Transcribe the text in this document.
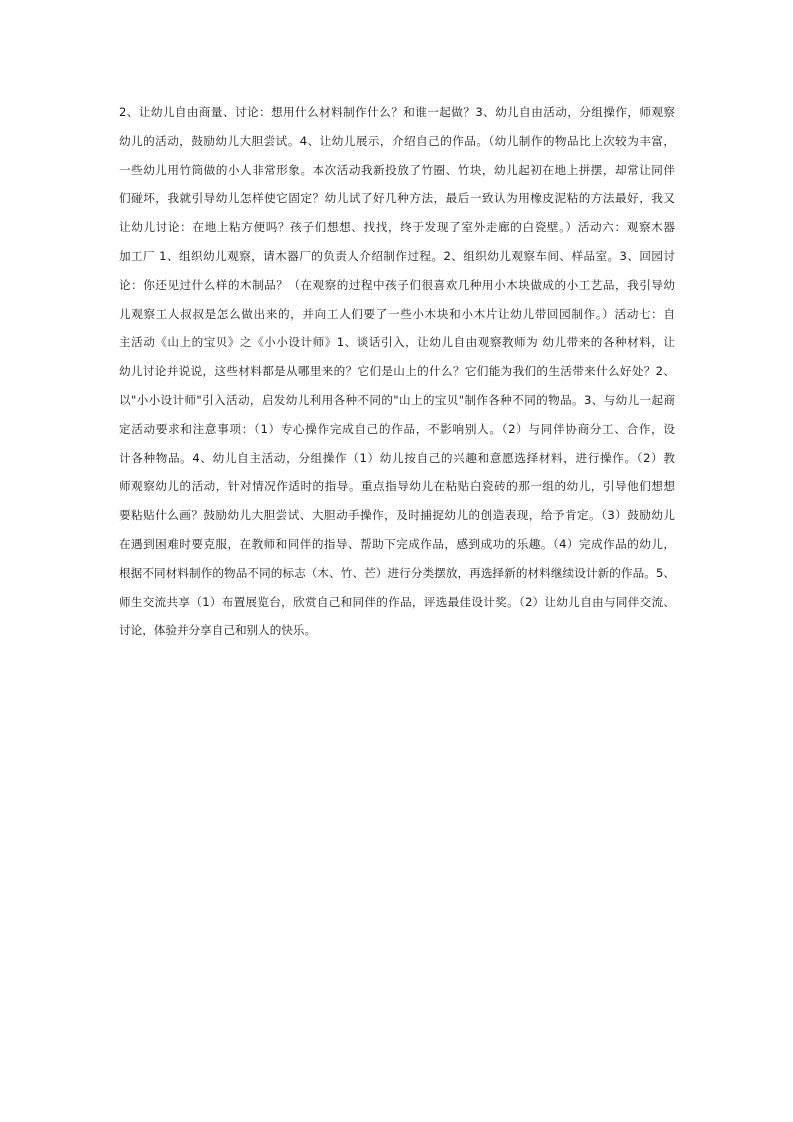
2、让幼儿自由商量、讨论：想用什么材料制作什么？和谁一起做？3、幼儿自由活动，分组操作，师观察
幼儿的活动，鼓励幼儿大胆尝试。4、让幼儿展示，介绍自己的作品。（幼儿制作的物品比上次较为丰富，
一些幼儿用竹筒做的小人非常形象。本次活动我新投放了竹圈、竹块，幼儿起初在地上拼摆，却常让同伴
们碰坏，我就引导幼儿怎样使它固定？幼儿试了好几种方法，最后一致认为用橡皮泥粘的方法最好，我又
让幼儿讨论：在地上粘方便吗？孩子们想想、找找，终于发现了室外走廊的白瓷壁。）活动六：观察木器
加工厂 1、组织幼儿观察，请木器厂的负责人介绍制作过程。2、组织幼儿观察车间、样品室。3、回园讨
论：你还见过什么样的木制品？（在观察的过程中孩子们很喜欢几种用小木块做成的小工艺品，我引导幼
儿观察工人叔叔是怎么做出来的，并向工人们要了一些小木块和小木片让幼儿带回园制作。）活动七：自
主活动《山上的宝贝》之《小小设计师》1、谈话引入，让幼儿自由观察教师为 幼儿带来的各种材料，让
幼儿讨论并说说，这些材料都是从哪里来的？它们是山上的什么？它们能为我们的生活带来什么好处？2、
以"小小设计师"引入活动，启发幼儿利用各种不同的"山上的宝贝"制作各种不同的物品。3、与幼儿一起商
定活动要求和注意事项：（1）专心操作完成自己的作品，不影响别人。（2）与同伴协商分工、合作，设
计各种物品。4、幼儿自主活动，分组操作（1）幼儿按自己的兴趣和意愿选择材料，进行操作。（2）教
师观察幼儿的活动，针对情况作适时的指导。重点指导幼儿在粘贴白瓷砖的那一组的幼儿，引导他们想想
要粘贴什么画？鼓励幼儿大胆尝试、大胆动手操作，及时捕捉幼儿的创造表现，给予肯定。（3）鼓励幼儿
在遇到困难时要克服，在教师和同伴的指导、帮助下完成作品，感到成功的乐趣。（4）完成作品的幼儿，
根据不同材料制作的物品不同的标志（木、竹、芒）进行分类摆放，再选择新的材料继续设计新的作品。5、
师生交流共享（1）布置展览台，欣赏自己和同伴的作品，评选最佳设计奖。（2）让幼儿自由与同伴交流、
讨论，体验并分享自己和别人的快乐。
